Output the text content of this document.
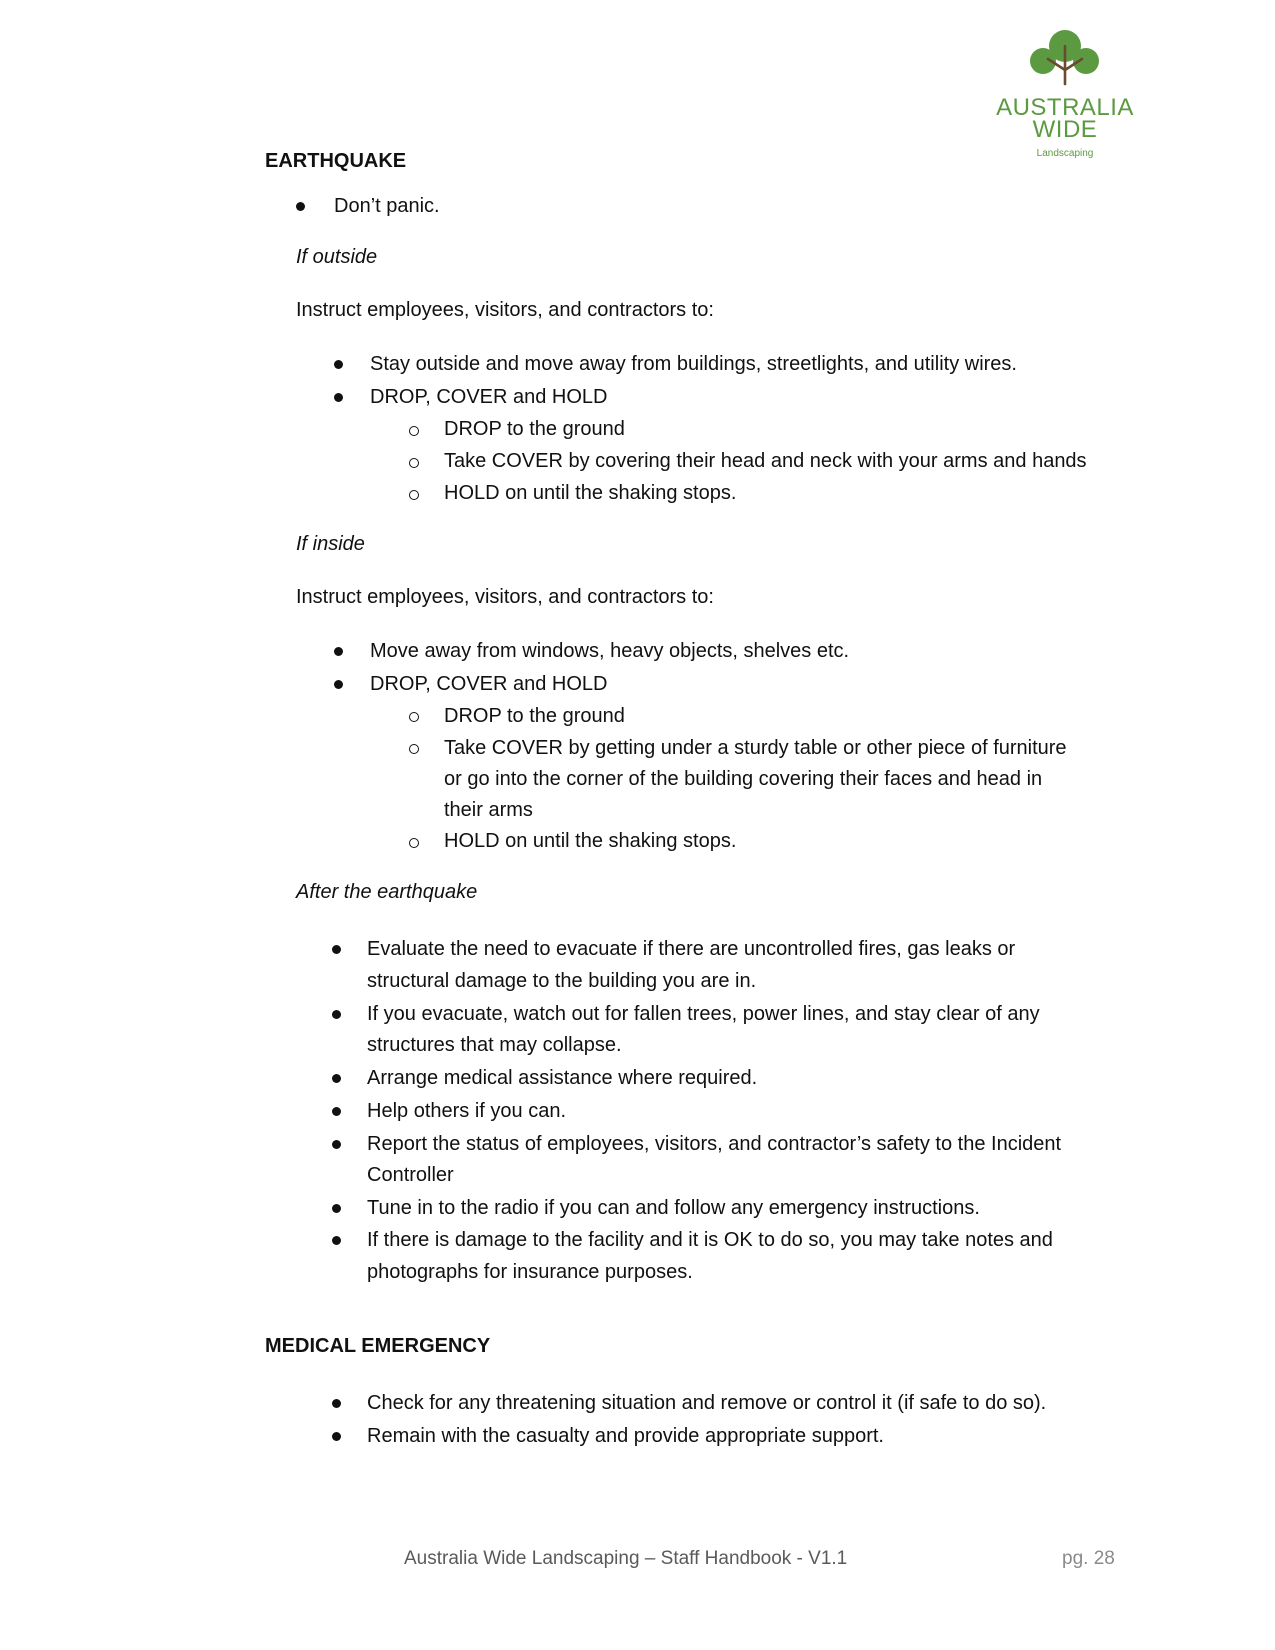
AUSTRALIA
WIDE
Landscaping
EARTHQUAKE
Don’t panic.
If outside
Instruct employees, visitors, and contractors to:
Stay outside and move away from buildings, streetlights, and utility wires.
DROP, COVER and HOLD
DROP to the ground
Take COVER by covering their head and neck with your arms and hands
HOLD on until the shaking stops.
If inside
Instruct employees, visitors, and contractors to:
Move away from windows, heavy objects, shelves etc.
DROP, COVER and HOLD
DROP to the ground
Take COVER by getting under a sturdy table or other piece of furniture
or go into the corner of the building covering their faces and head in
their arms
HOLD on until the shaking stops.
After the earthquake
Evaluate the need to evacuate if there are uncontrolled fires, gas leaks or
structural damage to the building you are in.
If you evacuate, watch out for fallen trees, power lines, and stay clear of any
structures that may collapse.
Arrange medical assistance where required.
Help others if you can.
Report the status of employees, visitors, and contractor’s safety to the Incident
Controller
Tune in to the radio if you can and follow any emergency instructions.
If there is damage to the facility and it is OK to do so, you may take notes and
photographs for insurance purposes.
MEDICAL EMERGENCY
Check for any threatening situation and remove or control it (if safe to do so).
Remain with the casualty and provide appropriate support.
Australia Wide Landscaping – Staff Handbook - V1.1	pg. 28
